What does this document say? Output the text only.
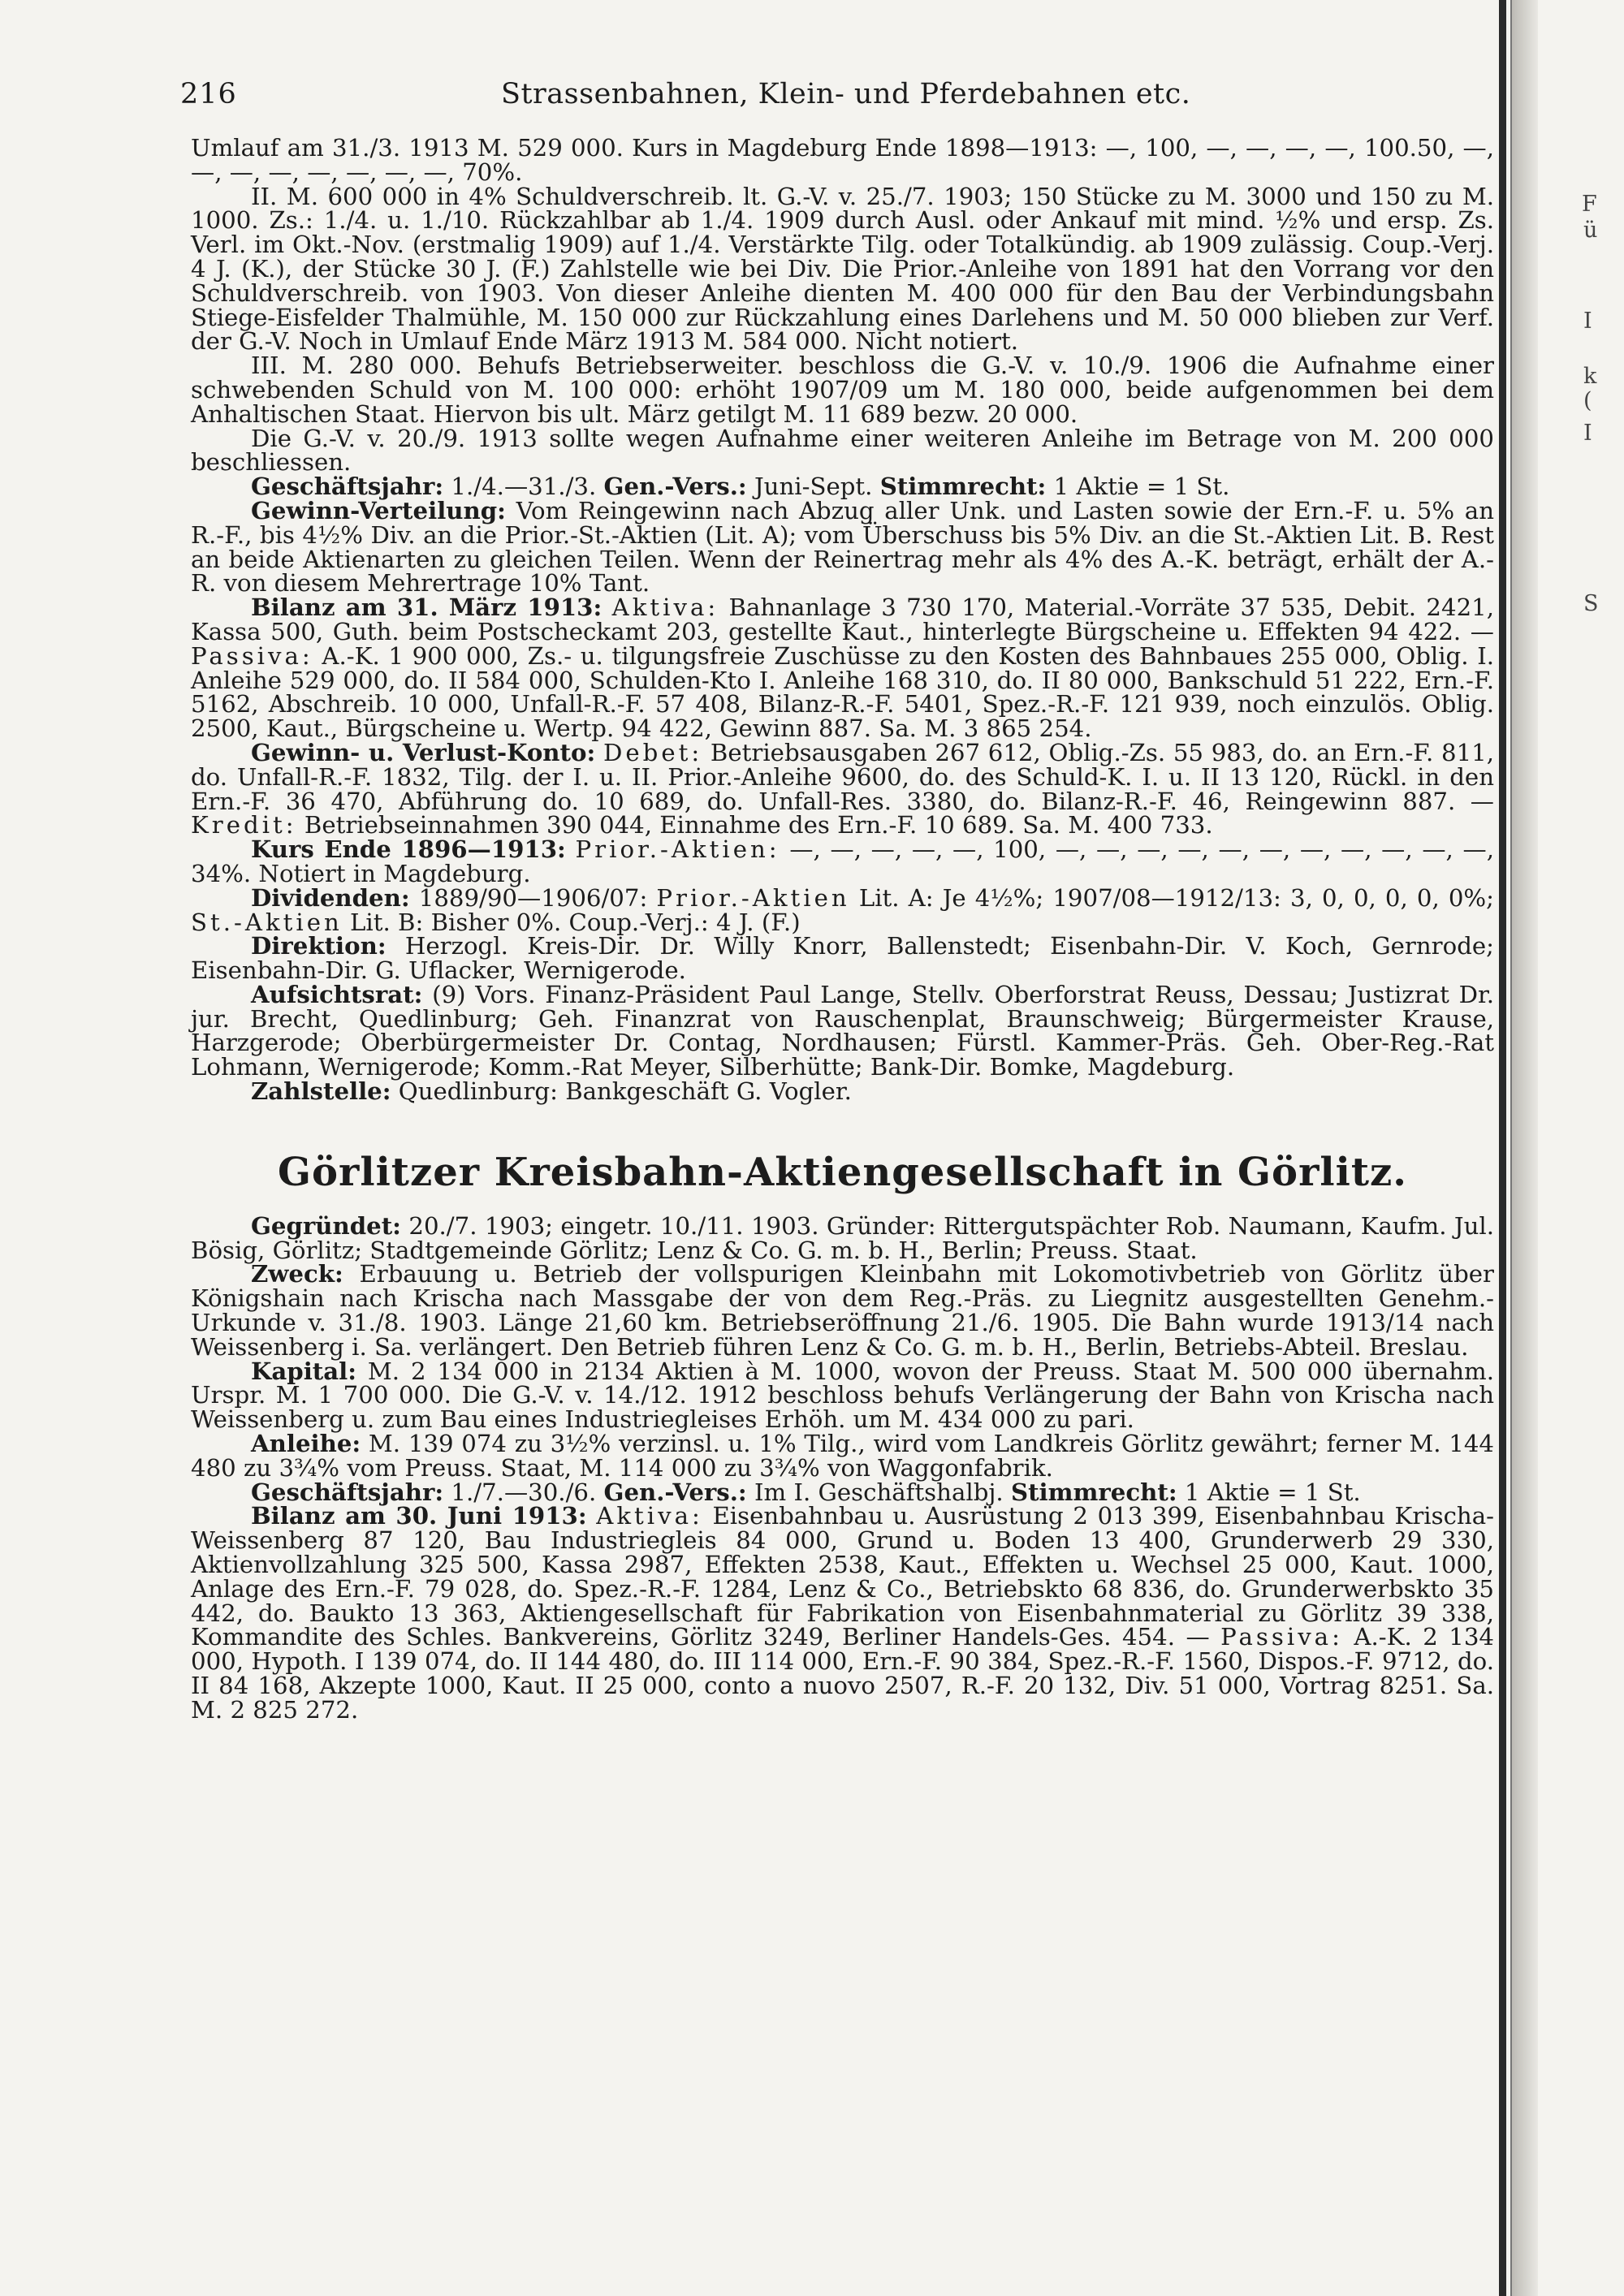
F
ü
I
k
(
I
S
216	Strassenbahnen, Klein- und Pferdebahnen etc.

Umlauf am 31./3. 1913 M. 529 000. Kurs in Magdeburg Ende 1898—1913: —, 100, —, —, —, —, 100.50, —, —, —, —, —, —, —, —, 70%.

II. M. 600 000 in 4% Schuldverschreib. lt. G.-V. v. 25./7. 1903; 150 Stücke zu M. 3000 und 150 zu M. 1000. Zs.: 1./4. u. 1./10. Rückzahlbar ab 1./4. 1909 durch Ausl. oder Ankauf mit mind. ½% und ersp. Zs. Verl. im Okt.-Nov. (erstmalig 1909) auf 1./4. Verstärkte Tilg. oder Totalkündig. ab 1909 zulässig. Coup.-Verj. 4 J. (K.), der Stücke 30 J. (F.) Zahlstelle wie bei Div. Die Prior.-Anleihe von 1891 hat den Vorrang vor den Schuldverschreib. von 1903. Von dieser Anleihe dienten M. 400 000 für den Bau der Verbindungsbahn Stiege-Eisfelder Thalmühle, M. 150 000 zur Rückzahlung eines Darlehens und M. 50 000 blieben zur Verf. der G.-V. Noch in Umlauf Ende März 1913 M. 584 000. Nicht notiert.

III. M. 280 000. Behufs Betriebserweiter. beschloss die G.-V. v. 10./9. 1906 die Aufnahme einer schwebenden Schuld von M. 100 000: erhöht 1907/09 um M. 180 000, beide aufgenommen bei dem Anhaltischen Staat. Hiervon bis ult. März getilgt M. 11 689 bezw. 20 000.

Die G.-V. v. 20./9. 1913 sollte wegen Aufnahme einer weiteren Anleihe im Betrage von M. 200 000 beschliessen.

Geschäftsjahr: 1./4.—31./3. Gen.-Vers.: Juni-Sept. Stimmrecht: 1 Aktie = 1 St.

Gewinn-Verteilung: Vom Reingewinn nach Abzug aller Unk. und Lasten sowie der Ern.-F. u. 5% an R.-F., bis 4½% Div. an die Prior.-St.-Aktien (Lit. A); vom Überschuss bis 5% Div. an die St.-Aktien Lit. B. Rest an beide Aktienarten zu gleichen Teilen. Wenn der Reinertrag mehr als 4% des A.-K. beträgt, erhält der A.-R. von diesem Mehrertrage 10% Tant.

Bilanz am 31. März 1913: Aktiva: Bahnanlage 3 730 170, Material.-Vorräte 37 535, Debit. 2421, Kassa 500, Guth. beim Postscheckamt 203, gestellte Kaut., hinterlegte Bürgscheine u. Effekten 94 422. — Passiva: A.-K. 1 900 000, Zs.- u. tilgungsfreie Zuschüsse zu den Kosten des Bahnbaues 255 000, Oblig. I. Anleihe 529 000, do. II 584 000, Schulden-Kto I. Anleihe 168 310, do. II 80 000, Bankschuld 51 222, Ern.-F. 5162, Abschreib. 10 000, Unfall-R.-F. 57 408, Bilanz-R.-F. 5401, Spez.-R.-F. 121 939, noch einzulös. Oblig. 2500, Kaut., Bürgscheine u. Wertp. 94 422, Gewinn 887. Sa. M. 3 865 254.

Gewinn- u. Verlust-Konto: Debet: Betriebsausgaben 267 612, Oblig.-Zs. 55 983, do. an Ern.-F. 811, do. Unfall-R.-F. 1832, Tilg. der I. u. II. Prior.-Anleihe 9600, do. des Schuld-K. I. u. II 13 120, Rückl. in den Ern.-F. 36 470, Abführung do. 10 689, do. Unfall-Res. 3380, do. Bilanz-R.-F. 46, Reingewinn 887. — Kredit: Betriebseinnahmen 390 044, Einnahme des Ern.-F. 10 689. Sa. M. 400 733.

Kurs Ende 1896—1913: Prior.-Aktien: —, —, —, —, —, 100, —, —, —, —, —, —, —, —, —, —, —, 34%. Notiert in Magdeburg.

Dividenden: 1889/90—1906/07: Prior.-Aktien Lit. A: Je 4½%; 1907/08—1912/13: 3, 0, 0, 0, 0, 0%; St.-Aktien Lit. B: Bisher 0%. Coup.-Verj.: 4 J. (F.)

Direktion: Herzogl. Kreis-Dir. Dr. Willy Knorr, Ballenstedt; Eisenbahn-Dir. V. Koch, Gernrode; Eisenbahn-Dir. G. Uflacker, Wernigerode.

Aufsichtsrat: (9) Vors. Finanz-Präsident Paul Lange, Stellv. Oberforstrat Reuss, Dessau; Justizrat Dr. jur. Brecht, Quedlinburg; Geh. Finanzrat von Rauschenplat, Braunschweig; Bürgermeister Krause, Harzgerode; Oberbürgermeister Dr. Contag, Nordhausen; Fürstl. Kammer-Präs. Geh. Ober-Reg.-Rat Lohmann, Wernigerode; Komm.-Rat Meyer, Silberhütte; Bank-Dir. Bomke, Magdeburg.

Zahlstelle: Quedlinburg: Bankgeschäft G. Vogler.

Görlitzer Kreisbahn-Aktiengesellschaft in Görlitz.

Gegründet: 20./7. 1903; eingetr. 10./11. 1903. Gründer: Rittergutspächter Rob. Naumann, Kaufm. Jul. Bösig, Görlitz; Stadtgemeinde Görlitz; Lenz & Co. G. m. b. H., Berlin; Preuss. Staat.

Zweck: Erbauung u. Betrieb der vollspurigen Kleinbahn mit Lokomotivbetrieb von Görlitz über Königshain nach Krischa nach Massgabe der von dem Reg.-Präs. zu Liegnitz ausgestellten Genehm.-Urkunde v. 31./8. 1903. Länge 21,60 km. Betriebseröffnung 21./6. 1905. Die Bahn wurde 1913/14 nach Weissenberg i. Sa. verlängert. Den Betrieb führen Lenz & Co. G. m. b. H., Berlin, Betriebs-Abteil. Breslau.

Kapital: M. 2 134 000 in 2134 Aktien à M. 1000, wovon der Preuss. Staat M. 500 000 übernahm. Urspr. M. 1 700 000. Die G.-V. v. 14./12. 1912 beschloss behufs Verlängerung der Bahn von Krischa nach Weissenberg u. zum Bau eines Industriegleises Erhöh. um M. 434 000 zu pari.

Anleihe: M. 139 074 zu 3½% verzinsl. u. 1% Tilg., wird vom Landkreis Görlitz gewährt; ferner M. 144 480 zu 3¾% vom Preuss. Staat, M. 114 000 zu 3¾% von Waggonfabrik.

Geschäftsjahr: 1./7.—30./6. Gen.-Vers.: Im I. Geschäftshalbj. Stimmrecht: 1 Aktie = 1 St.

Bilanz am 30. Juni 1913: Aktiva: Eisenbahnbau u. Ausrüstung 2 013 399, Eisenbahnbau Krischa-Weissenberg 87 120, Bau Industriegleis 84 000, Grund u. Boden 13 400, Grunderwerb 29 330, Aktienvollzahlung 325 500, Kassa 2987, Effekten 2538, Kaut., Effekten u. Wechsel 25 000, Kaut. 1000, Anlage des Ern.-F. 79 028, do. Spez.-R.-F. 1284, Lenz & Co., Betriebskto 68 836, do. Grunderwerbskto 35 442, do. Baukto 13 363, Aktiengesellschaft für Fabrikation von Eisenbahnmaterial zu Görlitz 39 338, Kommandite des Schles. Bankvereins, Görlitz 3249, Berliner Handels-Ges. 454. — Passiva: A.-K. 2 134 000, Hypoth. I 139 074, do. II 144 480, do. III 114 000, Ern.-F. 90 384, Spez.-R.-F. 1560, Dispos.-F. 9712, do. II 84 168, Akzepte 1000, Kaut. II 25 000, conto a nuovo 2507, R.-F. 20 132, Div. 51 000, Vortrag 8251. Sa. M. 2 825 272.
